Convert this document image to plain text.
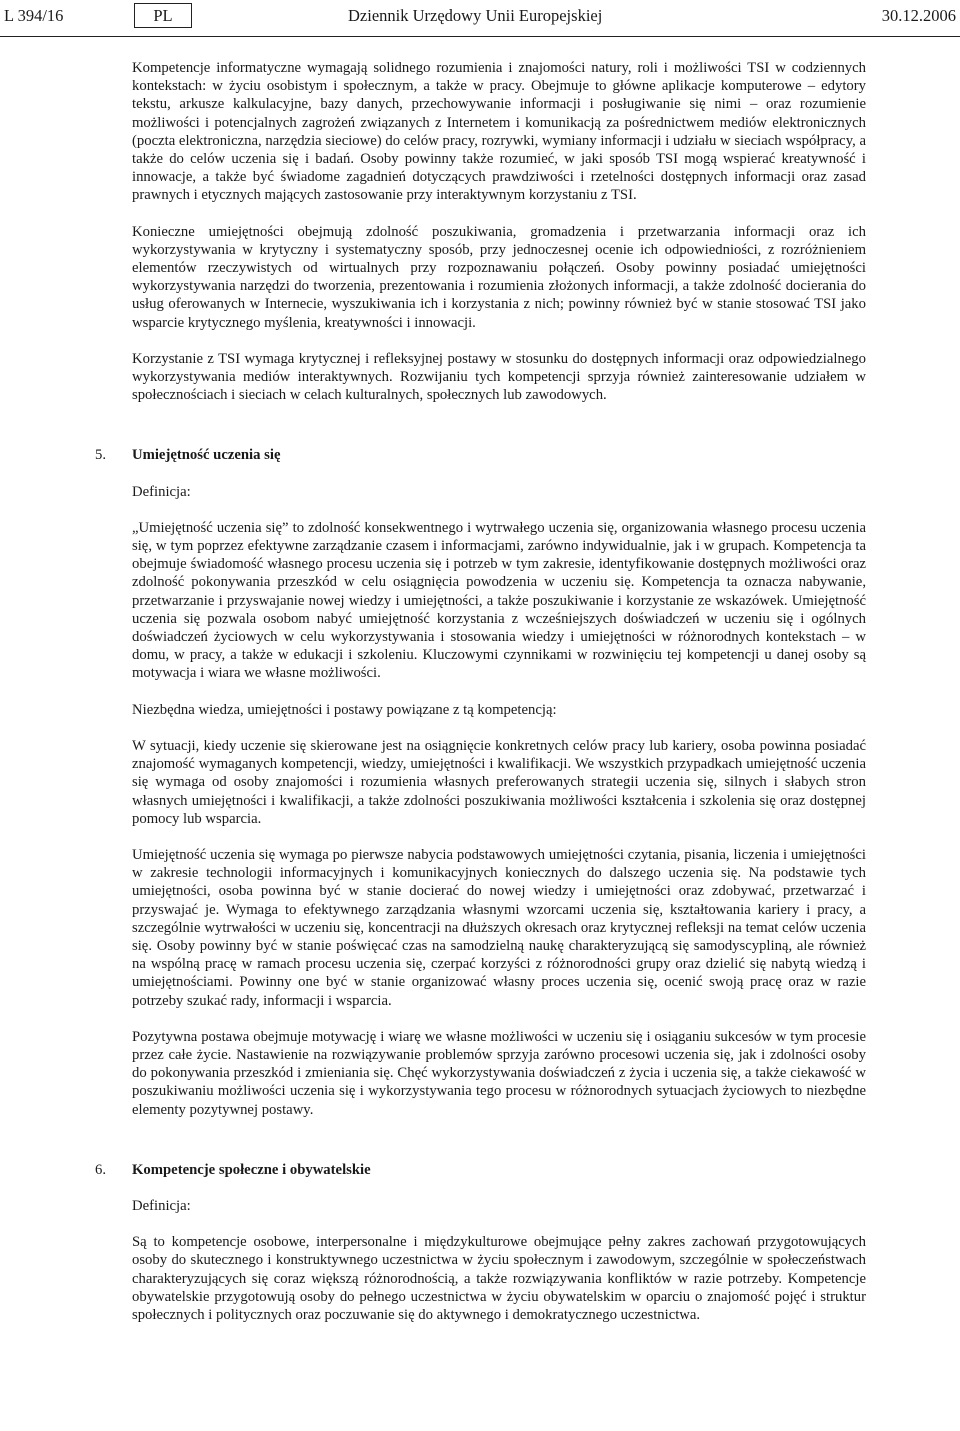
L 394/16	PL	Dziennik Urzędowy Unii Europejskiej	30.12.2006

Kompetencje informatyczne wymagają solidnego rozumienia i znajomości natury, roli i możliwości TSI w codziennych kontekstach: w życiu osobistym i społecznym, a także w pracy. Obejmuje to główne aplikacje komputerowe – edytory tekstu, arkusze kalkulacyjne, bazy danych, przechowywanie informacji i posługiwanie się nimi – oraz rozumienie możliwości i potencjalnych zagrożeń związanych z Internetem i komunikacją za pośrednictwem mediów elektronicznych (poczta elektroniczna, narzędzia sieciowe) do celów pracy, rozrywki, wymiany informacji i udziału w sieciach współpracy, a także do celów uczenia się i badań. Osoby powinny także rozumieć, w jaki sposób TSI mogą wspierać kreatywność i innowacje, a także być świadome zagadnień dotyczących prawdziwości i rzetelności dostępnych informacji oraz zasad prawnych i etycznych mających zastosowanie przy interaktywnym korzystaniu z TSI.

Konieczne umiejętności obejmują zdolność poszukiwania, gromadzenia i przetwarzania informacji oraz ich wykorzystywania w krytyczny i systematyczny sposób, przy jednoczesnej ocenie ich odpowiedniości, z rozróżnieniem elementów rzeczywistych od wirtualnych przy rozpoznawaniu połączeń. Osoby powinny posiadać umiejętności wykorzystywania narzędzi do tworzenia, prezentowania i rozumienia złożonych informacji, a także zdolność docierania do usług oferowanych w Internecie, wyszukiwania ich i korzystania z nich; powinny również być w stanie stosować TSI jako wsparcie krytycznego myślenia, kreatywności i innowacji.

Korzystanie z TSI wymaga krytycznej i refleksyjnej postawy w stosunku do dostępnych informacji oraz odpowiedzialnego wykorzystywania mediów interaktywnych. Rozwijaniu tych kompetencji sprzyja również zainteresowanie udziałem w społecznościach i sieciach w celach kulturalnych, społecznych lub zawodowych.

5. Umiejętność uczenia się

Definicja:

„Umiejętność uczenia się” to zdolność konsekwentnego i wytrwałego uczenia się, organizowania własnego procesu uczenia się, w tym poprzez efektywne zarządzanie czasem i informacjami, zarówno indywidualnie, jak i w grupach. Kompetencja ta obejmuje świadomość własnego procesu uczenia się i potrzeb w tym zakresie, identyfikowanie dostępnych możliwości oraz zdolność pokonywania przeszkód w celu osiągnięcia powodzenia w uczeniu się. Kompetencja ta oznacza nabywanie, przetwarzanie i przyswajanie nowej wiedzy i umiejętności, a także poszukiwanie i korzystanie ze wskazówek. Umiejętność uczenia się pozwala osobom nabyć umiejętność korzystania z wcześniejszych doświadczeń w uczeniu się i ogólnych doświadczeń życiowych w celu wykorzystywania i stosowania wiedzy i umiejętności w różnorodnych kontekstach – w domu, w pracy, a także w edukacji i szkoleniu. Kluczowymi czynnikami w rozwinięciu tej kompetencji u danej osoby są motywacja i wiara we własne możliwości.

Niezbędna wiedza, umiejętności i postawy powiązane z tą kompetencją:

W sytuacji, kiedy uczenie się skierowane jest na osiągnięcie konkretnych celów pracy lub kariery, osoba powinna posiadać znajomość wymaganych kompetencji, wiedzy, umiejętności i kwalifikacji. We wszystkich przypadkach umiejętność uczenia się wymaga od osoby znajomości i rozumienia własnych preferowanych strategii uczenia się, silnych i słabych stron własnych umiejętności i kwalifikacji, a także zdolności poszukiwania możliwości kształcenia i szkolenia się oraz dostępnej pomocy lub wsparcia.

Umiejętność uczenia się wymaga po pierwsze nabycia podstawowych umiejętności czytania, pisania, liczenia i umiejętności w zakresie technologii informacyjnych i komunikacyjnych koniecznych do dalszego uczenia się. Na podstawie tych umiejętności, osoba powinna być w stanie docierać do nowej wiedzy i umiejętności oraz zdobywać, przetwarzać i przyswajać je. Wymaga to efektywnego zarządzania własnymi wzorcami uczenia się, kształtowania kariery i pracy, a szczególnie wytrwałości w uczeniu się, koncentracji na dłuższych okresach oraz krytycznej refleksji na temat celów uczenia się. Osoby powinny być w stanie poświęcać czas na samodzielną naukę charakteryzującą się samodyscypliną, ale również na wspólną pracę w ramach procesu uczenia się, czerpać korzyści z różnorodności grupy oraz dzielić się nabytą wiedzą i umiejętnościami. Powinny one być w stanie organizować własny proces uczenia się, ocenić swoją pracę oraz w razie potrzeby szukać rady, informacji i wsparcia.

Pozytywna postawa obejmuje motywację i wiarę we własne możliwości w uczeniu się i osiąganiu sukcesów w tym procesie przez całe życie. Nastawienie na rozwiązywanie problemów sprzyja zarówno procesowi uczenia się, jak i zdolności osoby do pokonywania przeszkód i zmieniania się. Chęć wykorzystywania doświadczeń z życia i uczenia się, a także ciekawość w poszukiwaniu możliwości uczenia się i wykorzystywania tego procesu w różnorodnych sytuacjach życiowych to niezbędne elementy pozytywnej postawy.

6. Kompetencje społeczne i obywatelskie

Definicja:

Są to kompetencje osobowe, interpersonalne i międzykulturowe obejmujące pełny zakres zachowań przygotowujących osoby do skutecznego i konstruktywnego uczestnictwa w życiu społecznym i zawodowym, szczególnie w społeczeństwach charakteryzujących się coraz większą różnorodnością, a także rozwiązywania konfliktów w razie potrzeby. Kompetencje obywatelskie przygotowują osoby do pełnego uczestnictwa w życiu obywatelskim w oparciu o znajomość pojęć i struktur społecznych i politycznych oraz poczuwanie się do aktywnego i demokratycznego uczestnictwa.
